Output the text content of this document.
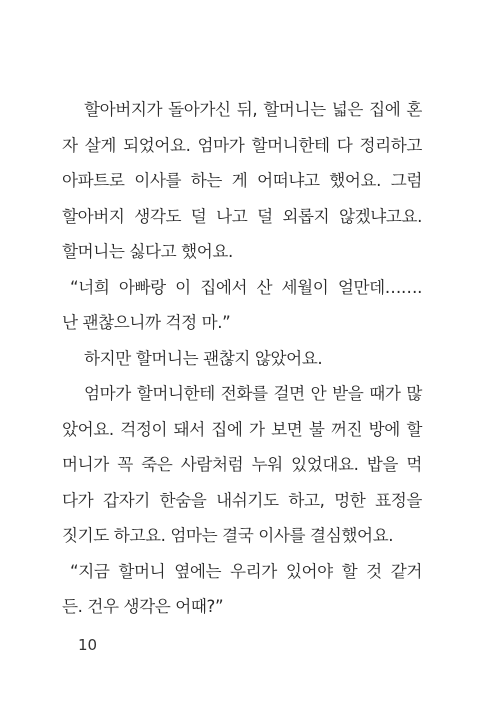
할아버지가 돌아가신 뒤, 할머니는 넓은 집에 혼
자 살게 되었어요. 엄마가 할머니한테 다 정리하고
아파트로 이사를 하는 게 어떠냐고 했어요. 그럼
할아버지 생각도 덜 나고 덜 외롭지 않겠냐고요.
할머니는 싫다고 했어요.
“너희 아빠랑 이 집에서 산 세월이 얼만데…….
난 괜찮으니까 걱정 마.”
하지만 할머니는 괜찮지 않았어요.
엄마가 할머니한테 전화를 걸면 안 받을 때가 많
았어요. 걱정이 돼서 집에 가 보면 불 꺼진 방에 할
머니가 꼭 죽은 사람처럼 누워 있었대요. 밥을 먹
다가 갑자기 한숨을 내쉬기도 하고, 멍한 표정을
짓기도 하고요. 엄마는 결국 이사를 결심했어요.
“지금 할머니 옆에는 우리가 있어야 할 것 같거
든. 건우 생각은 어때?”
10
